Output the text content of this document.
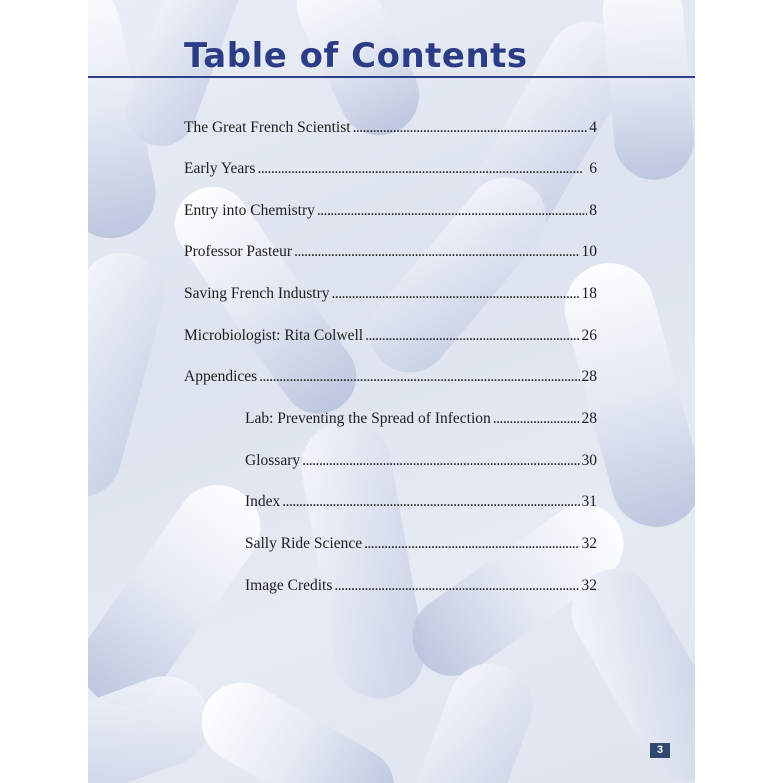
Table of Contents
The Great French Scientist . . .	4
Early Years . . .	6
Entry into Chemistry . . .	8
Professor Pasteur . . .	10
Saving French Industry . . .	18
Microbiologist: Rita Colwell . . .	26
Appendices . . .	28
Lab: Preventing the Spread of Infection . . .	28
Glossary . . .	30
Index . . .	31
Sally Ride Science . . .	32
Image Credits . . .	32
3
